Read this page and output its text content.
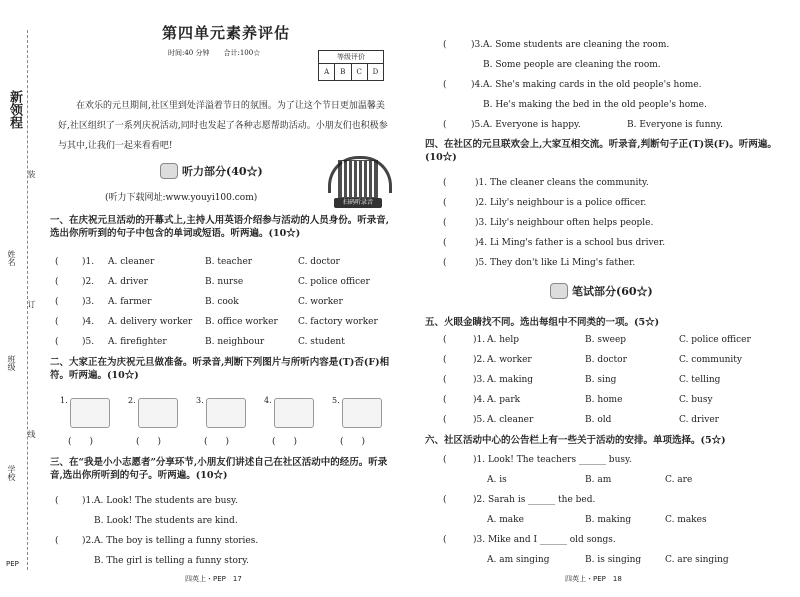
新领程
姓名
班级
学校
装
订
线
PEP
第四单元素养评估
时间:40 分钟　　合计:100☆	等级评价
A	B	C	D
在欢乐的元旦期间,社区里到处洋溢着节日的氛围。为了让这个节日更加温馨美好,社区组织了一系列庆祝活动,同时也发起了各种志愿帮助活动。小朋友们也积极参与其中,让我们一起来看看吧!
听力部分(40☆)
(听力下载网址:www.youyi100.com)	扫码听录音
一、在庆祝元旦活动的开幕式上,主持人用英语介绍参与活动的人员身份。听录音,选出你所听到的句子中包含的单词或短语。听两遍。(10☆)
(	)1. A. cleaner	B. teacher	C. doctor
(	)2. A. driver	B. nurse	C. police officer
(	)3. A. farmer	B. cook	C. worker
(	)4. A. delivery worker B. office worker C. factory worker
(	)5. A. firefighter	B. neighbour	C. student
二、大家正在为庆祝元旦做准备。听录音,判断下列图片与所听内容是(T)否(F)相符。听两遍。(10☆)
1.
(　　)
2.
(　　)
3.
(　　)
4.
(　　)
5.
(　　)
三、在“我是小小志愿者”分享环节,小朋友们讲述自己在社区活动中的经历。听录音,选出你所听到的句子。听两遍。(10☆)
(	)1. A. Look! The students are busy.
B. Look! The students are kind.
(	)2. A. The boy is telling a funny stories.
B. The girl is telling a funny story.
四英上・PEP　17
(	)3. A. Some students are cleaning the room.
B. Some people are cleaning the room.
(	)4. A. She's making cards in the old people's home.
B. He's making the bed in the old people's home.
(	)5. A. Everyone is happy.	B. Everyone is funny.
四、在社区的元旦联欢会上,大家互相交流。听录音,判断句子正(T)误(F)。听两遍。(10☆)
(	)1. The cleaner cleans the community.
(	)2. Lily's neighbour is a police officer.
(	)3. Lily's neighbour often helps people.
(	)4. Li Ming's father is a school bus driver.
(	)5. They don't like Li Ming's father.
笔试部分(60☆)
五、火眼金睛找不同。选出每组中不同类的一项。(5☆)
(	)1. A. help	B. sweep	C. police officer
(	)2. A. worker	B. doctor	C. community
(	)3. A. making	B. sing	C. telling
(	)4. A. park	B. home	C. busy
(	)5. A. cleaner	B. old	C. driver
六、社区活动中心的公告栏上有一些关于活动的安排。单项选择。(5☆)
(	)1. Look! The teachers ______ busy.
A. is	B. am	C. are
(	)2. Sarah is ______ the bed.
A. make	B. making	C. makes
(	)3. Mike and I ______ old songs.
A. am singing	B. is singing	C. are singing
四英上・PEP　18
